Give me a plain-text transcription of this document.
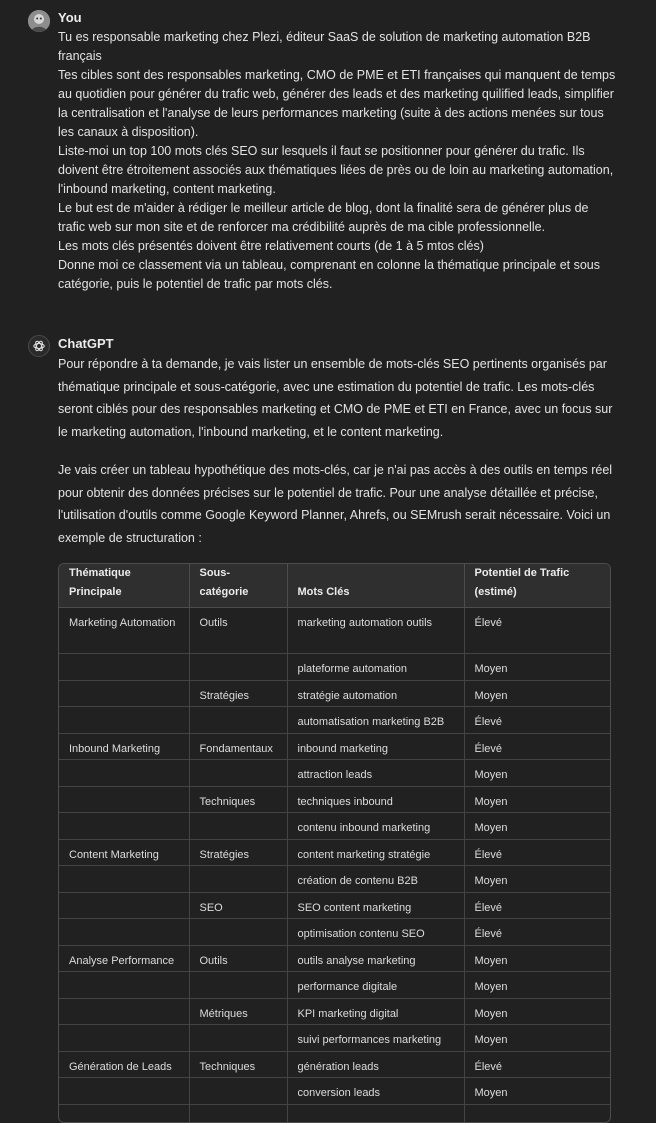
You

Tu es responsable marketing chez Plezi, éditeur SaaS de solution de marketing automation B2B français

Tes cibles sont des responsables marketing, CMO de PME et ETI françaises qui manquent de temps au quotidien pour générer du trafic web, générer des leads et des marketing quilified leads, simplifier la centralisation et l'analyse de leurs performances marketing (suite à des actions menées sur tous les canaux à disposition).

Liste-moi un top 100 mots clés SEO sur lesquels il faut se positionner pour générer du trafic. Ils doivent être étroitement associés aux thématiques liées de près ou de loin au marketing automation, l'inbound marketing, content marketing.

Le but est de m'aider à rédiger le meilleur article de blog, dont la finalité sera de générer plus de trafic web sur mon site et de renforcer ma crédibilité auprès de ma cible professionnelle.

Les mots clés présentés doivent être relativement courts (de 1 à 5 mtos clés)

Donne moi ce classement via un tableau, comprenant en colonne la thématique principale et sous catégorie, puis le potentiel de trafic par mots clés.

ChatGPT

Pour répondre à ta demande, je vais lister un ensemble de mots-clés SEO pertinents organisés par thématique principale et sous-catégorie, avec une estimation du potentiel de trafic. Les mots-clés seront ciblés pour des responsables marketing et CMO de PME et ETI en France, avec un focus sur le marketing automation, l'inbound marketing, et le content marketing.

Je vais créer un tableau hypothétique des mots-clés, car je n'ai pas accès à des outils en temps réel pour obtenir des données précises sur le potentiel de trafic. Pour une analyse détaillée et précise, l'utilisation d'outils comme Google Keyword Planner, Ahrefs, ou SEMrush serait nécessaire. Voici un exemple de structuration :

Thématique Principale	Sous-catégorie	Mots Clés	Potentiel de Trafic (estimé)
Marketing Automation	Outils	marketing automation outils	Élevé
		plateforme automation	Moyen
	Stratégies	stratégie automation	Moyen
		automatisation marketing B2B	Élevé
Inbound Marketing	Fondamentaux	inbound marketing	Élevé
		attraction leads	Moyen
	Techniques	techniques inbound	Moyen
		contenu inbound marketing	Moyen
Content Marketing	Stratégies	content marketing stratégie	Élevé
		création de contenu B2B	Moyen
	SEO	SEO content marketing	Élevé
		optimisation contenu SEO	Élevé
Analyse Performance	Outils	outils analyse marketing	Moyen
		performance digitale	Moyen
	Métriques	KPI marketing digital	Moyen
		suivi performances marketing	Moyen
Génération de Leads	Techniques	génération leads	Élevé
		conversion leads	Moyen
